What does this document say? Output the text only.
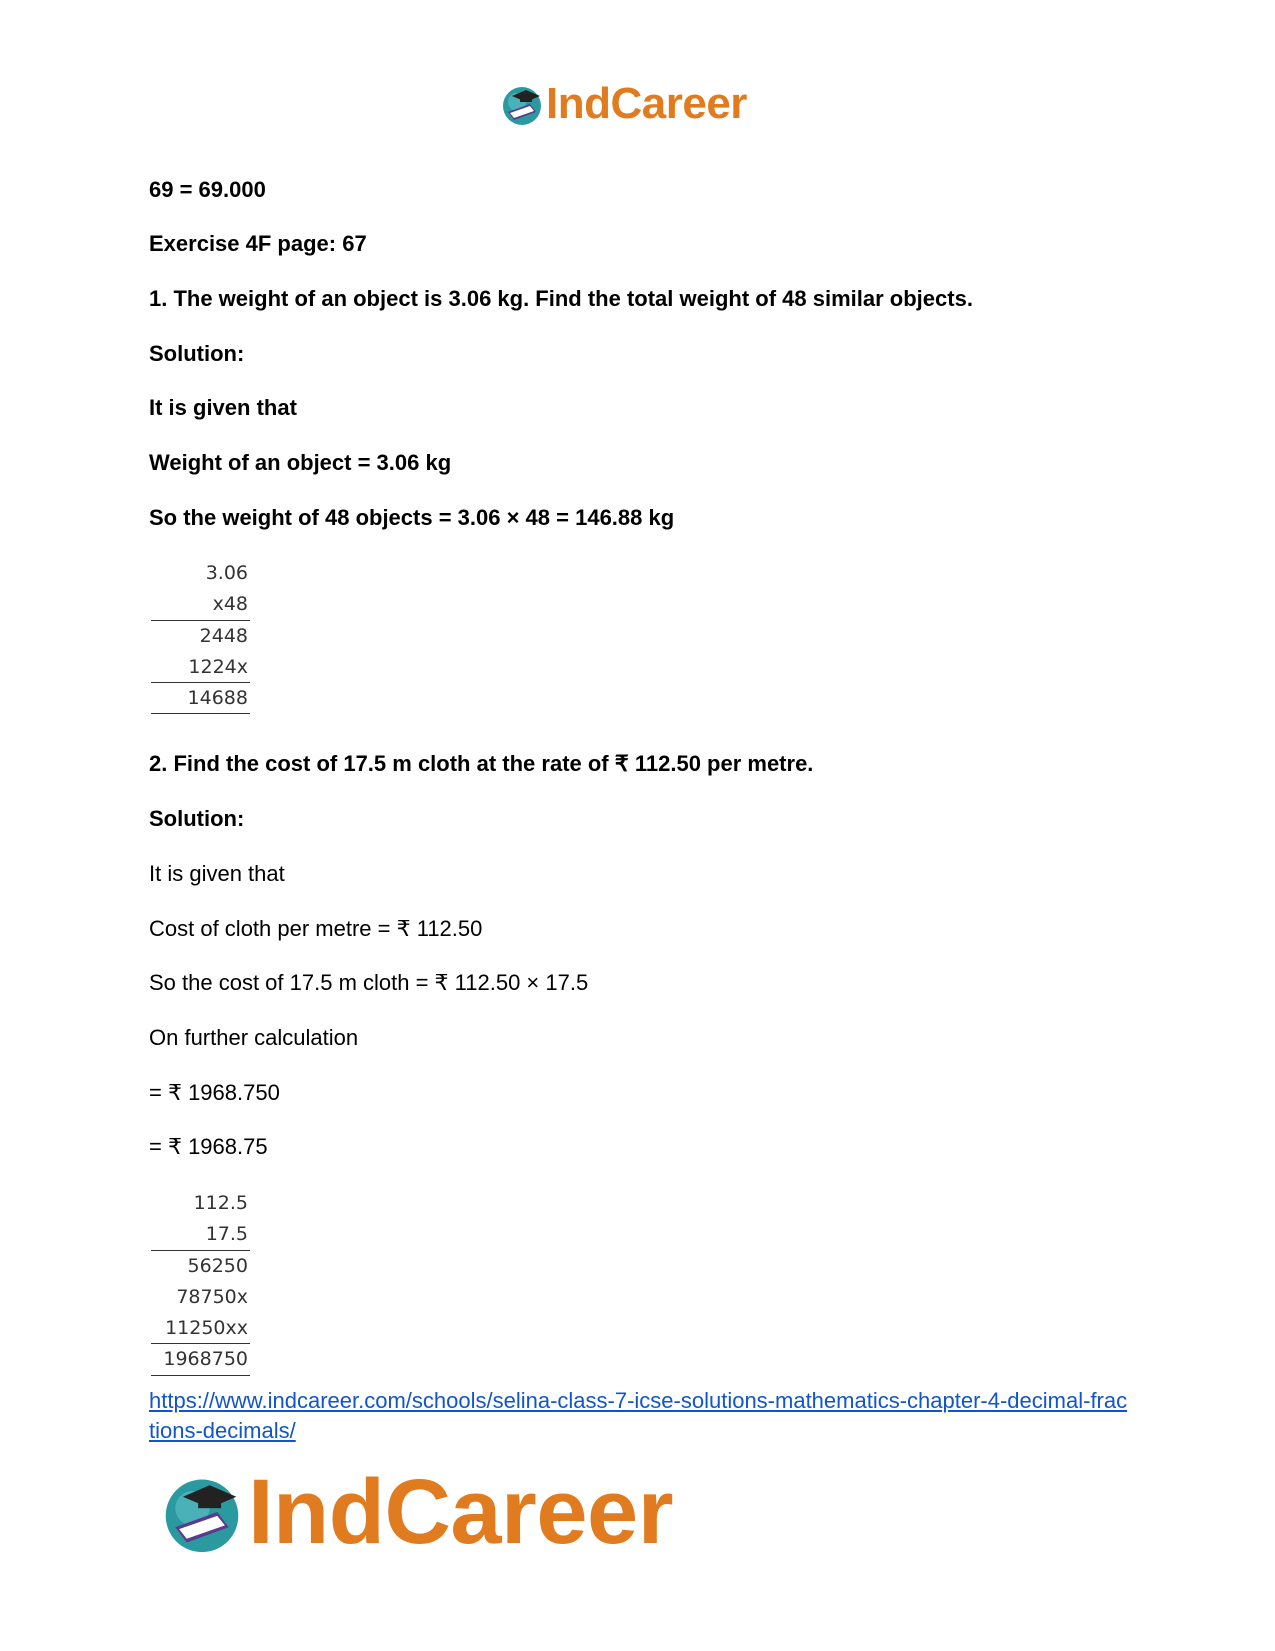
IndCareer
69 = 69.000
Exercise 4F page: 67
1. The weight of an object is 3.06 kg. Find the total weight of 48 similar objects.
Solution:
It is given that
Weight of an object = 3.06 kg
So the weight of 48 objects = 3.06 × 48 = 146.88 kg
3.06
x48
2448
1224x
14688
2. Find the cost of 17.5 m cloth at the rate of ₹ 112.50 per metre.
Solution:
It is given that
Cost of cloth per metre = ₹ 112.50
So the cost of 17.5 m cloth = ₹ 112.50 × 17.5
On further calculation
= ₹ 1968.750
= ₹ 1968.75
112.5
17.5
56250
78750x
11250xx
1968750
https://www.indcareer.com/schools/selina-class-7-icse-solutions-mathematics-chapter-4-decimal-fractions-decimals/
IndCareer
